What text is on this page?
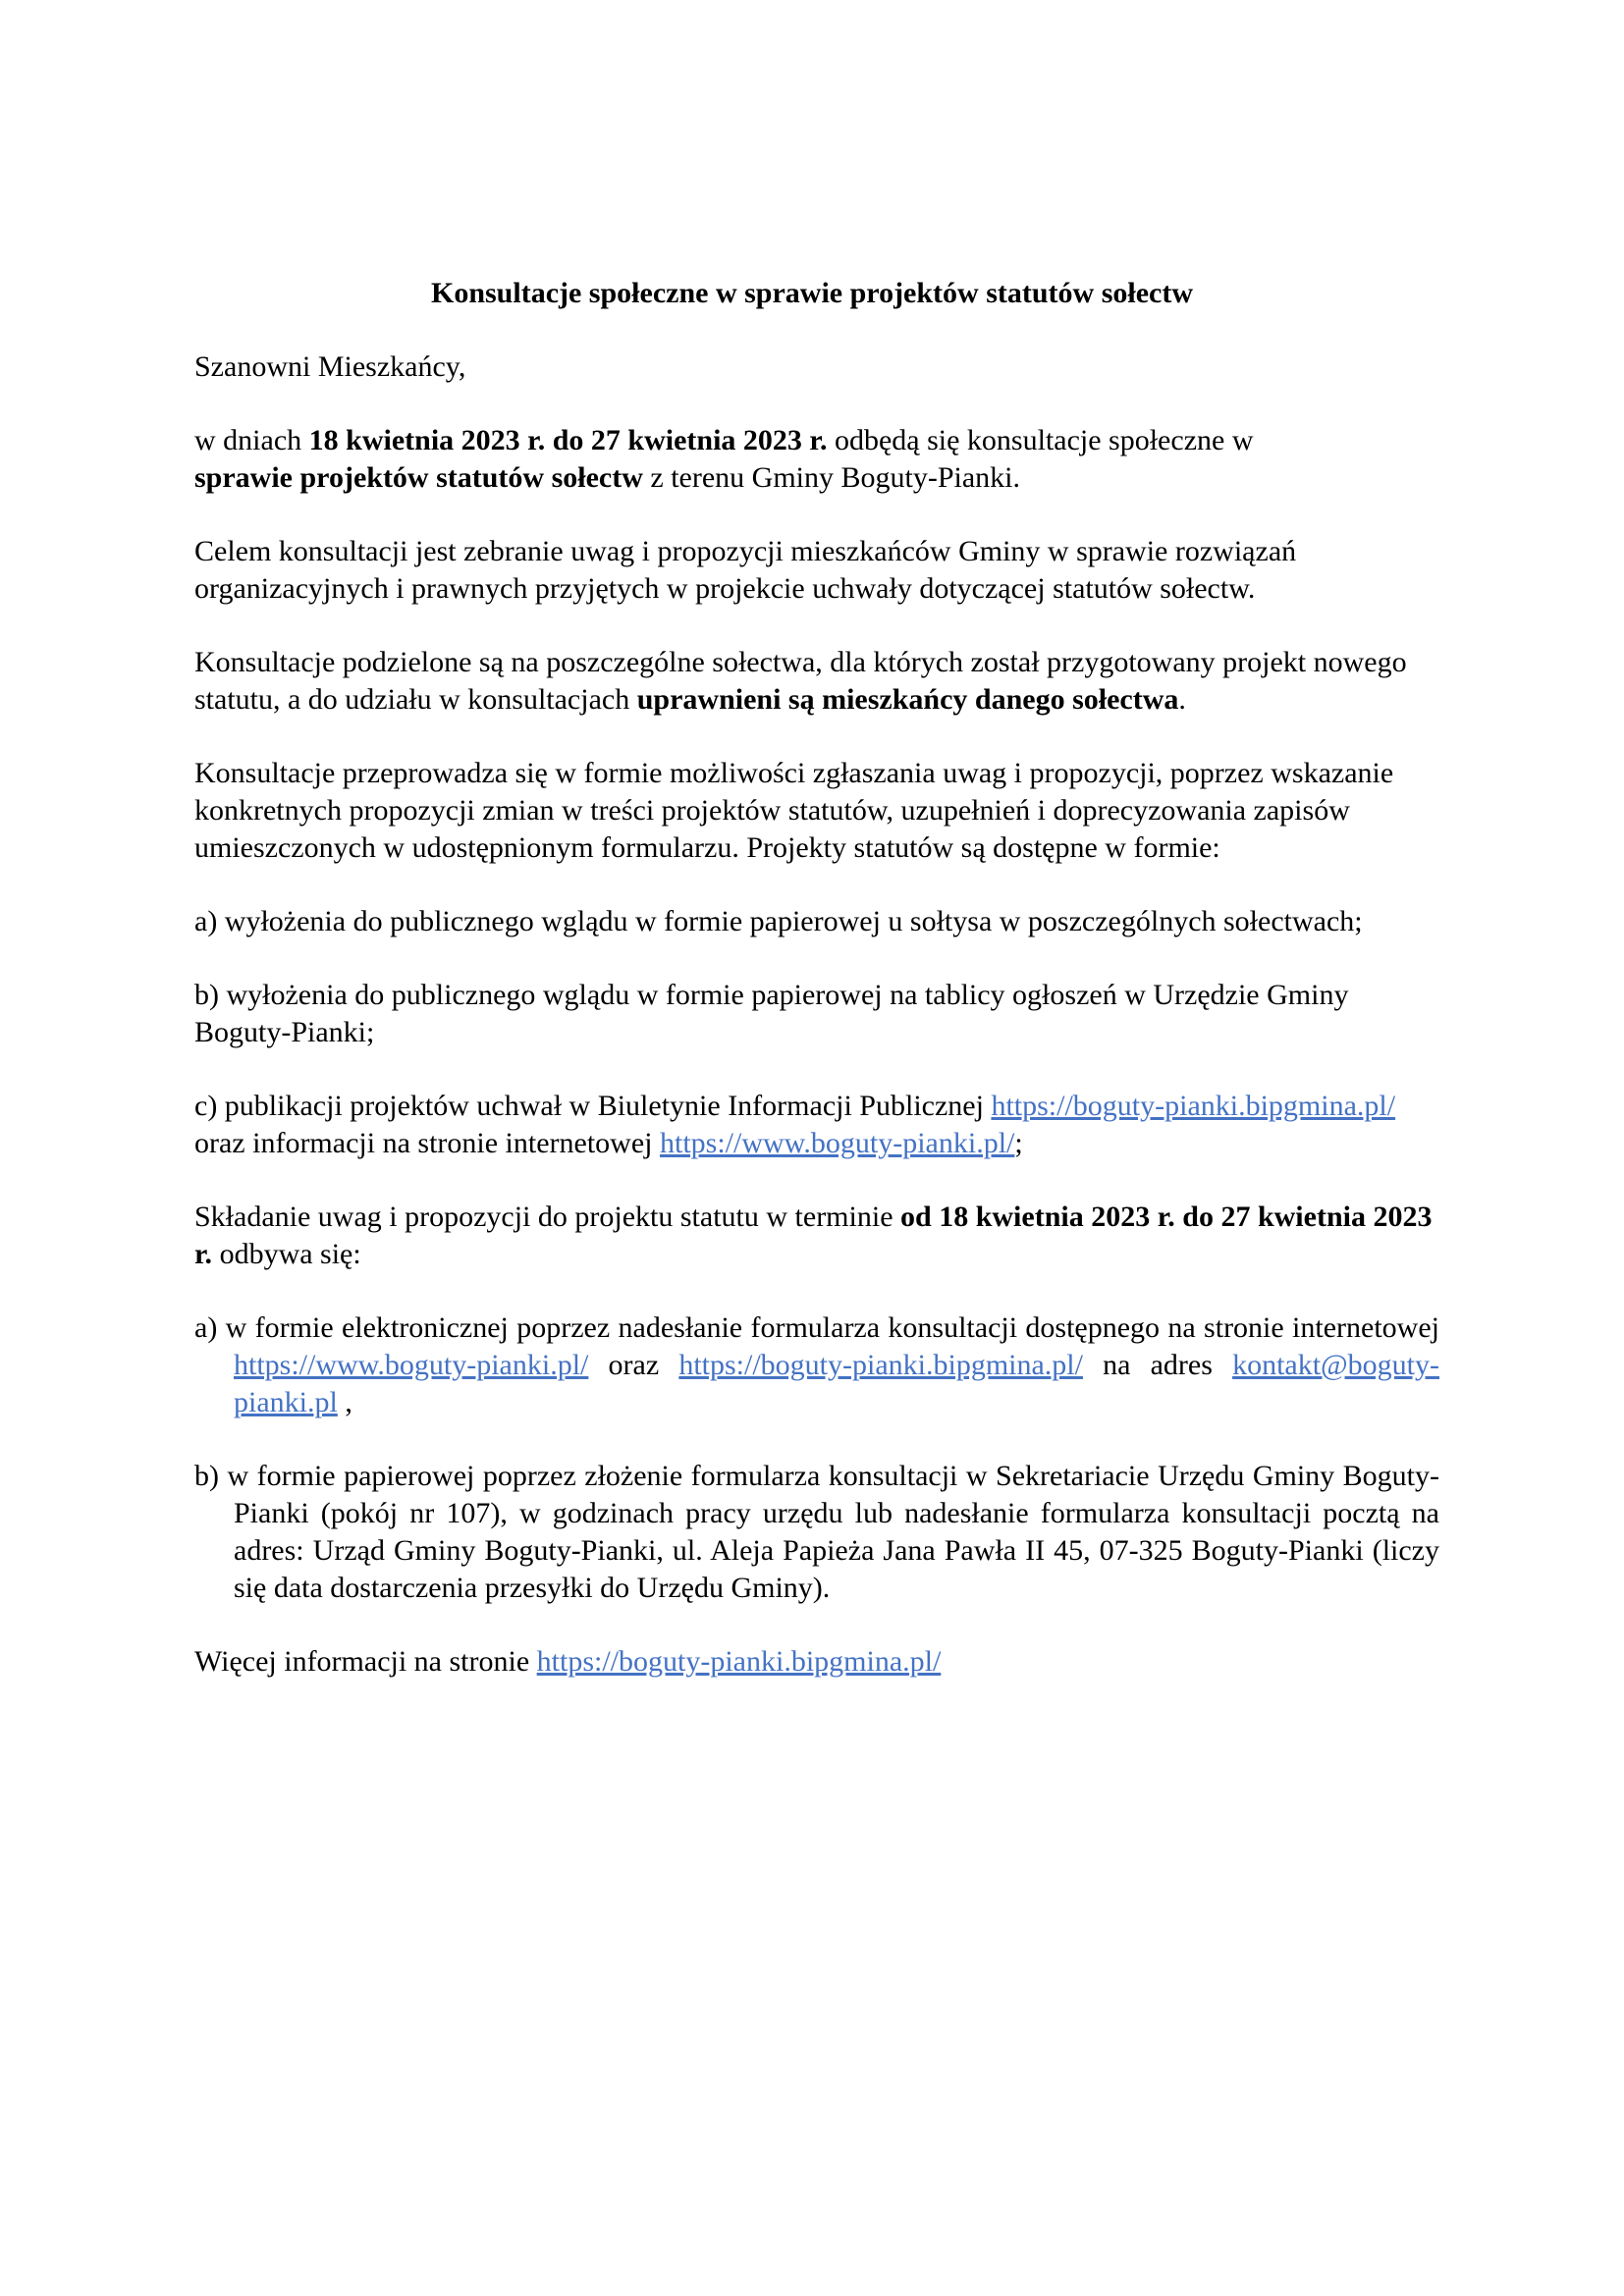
Konsultacje społeczne w sprawie projektów statutów sołectw

Szanowni Mieszkańcy,

w dniach 18 kwietnia 2023 r. do 27 kwietnia 2023 r. odbędą się konsultacje społeczne w
sprawie projektów statutów sołectw z terenu Gminy Boguty-Pianki.

Celem konsultacji jest zebranie uwag i propozycji mieszkańców Gminy w sprawie rozwiązań organizacyjnych i prawnych przyjętych w projekcie uchwały dotyczącej statutów sołectw.

Konsultacje podzielone są na poszczególne sołectwa, dla których został przygotowany projekt nowego statutu, a do udziału w konsultacjach uprawnieni są mieszkańcy danego sołectwa.

Konsultacje przeprowadza się w formie możliwości zgłaszania uwag i propozycji, poprzez wskazanie konkretnych propozycji zmian w treści projektów statutów, uzupełnień i doprecyzowania zapisów umieszczonych w udostępnionym formularzu. Projekty statutów są dostępne w formie:

a) wyłożenia do publicznego wglądu w formie papierowej u sołtysa w poszczególnych sołectwach;

b) wyłożenia do publicznego wglądu w formie papierowej na tablicy ogłoszeń w Urzędzie Gminy Boguty-Pianki;

c) publikacji projektów uchwał w Biuletynie Informacji Publicznej https://boguty-pianki.bipgmina.pl/ oraz informacji na stronie internetowej https://www.boguty-pianki.pl/;

Składanie uwag i propozycji do projektu statutu w terminie od 18 kwietnia 2023 r. do 27 kwietnia 2023 r. odbywa się:

a) w formie elektronicznej poprzez nadesłanie formularza konsultacji dostępnego na stronie internetowej https://www.boguty-pianki.pl/ oraz https://boguty-pianki.bipgmina.pl/ na adres kontakt@boguty-pianki.pl ,

b) w formie papierowej poprzez złożenie formularza konsultacji w Sekretariacie Urzędu Gminy Boguty-Pianki (pokój nr 107), w godzinach pracy urzędu lub nadesłanie formularza konsultacji pocztą na adres: Urząd Gminy Boguty-Pianki, ul. Aleja Papieża Jana Pawła II 45, 07-325 Boguty-Pianki (liczy się data dostarczenia przesyłki do Urzędu Gminy).

Więcej informacji na stronie https://boguty-pianki.bipgmina.pl/
